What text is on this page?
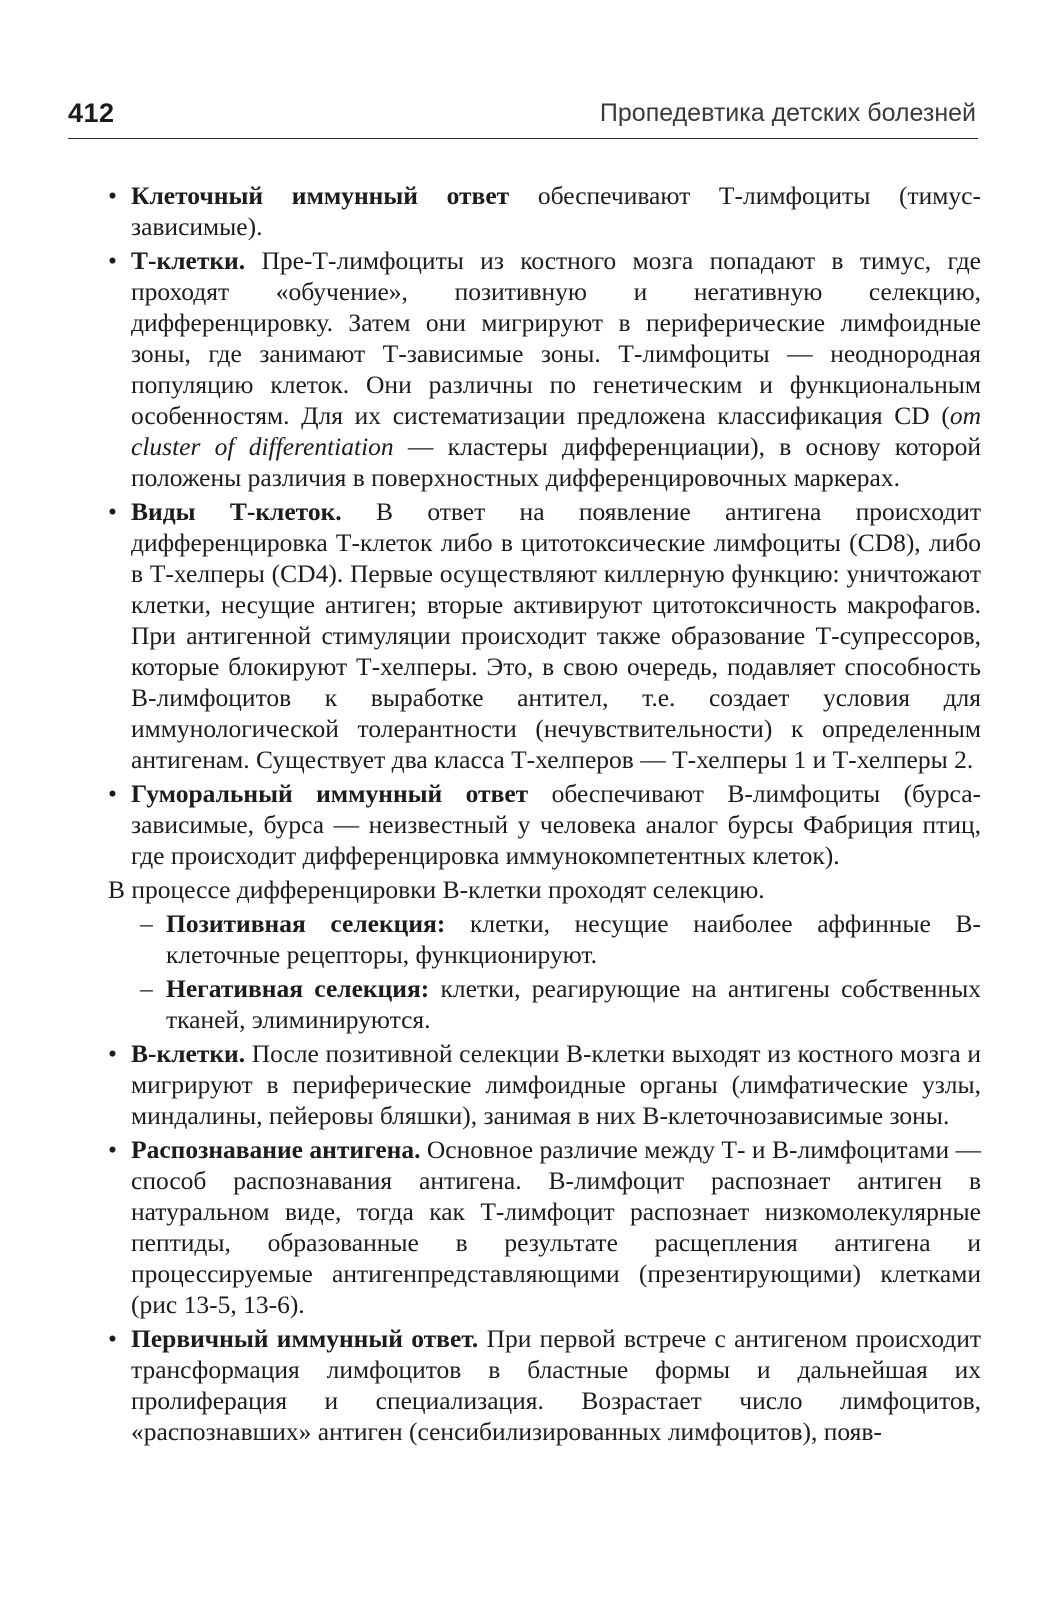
412	Пропедевтика детских болезней

• Клеточный иммунный ответ обеспечивают Т-лимфоциты (тимус-зависимые).

• Т-клетки. Пре-Т-лимфоциты из костного мозга попадают в тимус, где проходят «обучение», позитивную и негативную селекцию, дифференцировку. Затем они мигрируют в периферические лимфоидные зоны, где занимают Т-зависимые зоны. Т-лимфоциты — неоднородная популяцию клеток. Они различны по генетическим и функциональным особенностям. Для их систематизации предложена классификация CD (от cluster of differentiation — кластеры дифференциации), в основу которой положены различия в поверхностных дифференцировочных маркерах.

• Виды Т-клеток. В ответ на появление антигена происходит дифференцировка Т-клеток либо в цитотоксические лимфоциты (CD8), либо в Т-хелперы (CD4). Первые осуществляют киллерную функцию: уничтожают клетки, несущие антиген; вторые активируют цитотоксичность макрофагов. При антигенной стимуляции происходит также образование Т-супрессоров, которые блокируют Т-хелперы. Это, в свою очередь, подавляет способность В-лимфоцитов к выработке антител, т.е. создает условия для иммунологической толерантности (нечувствительности) к определенным антигенам. Существует два класса Т-хелперов — Т-хелперы 1 и Т-хелперы 2.

• Гуморальный иммунный ответ обеспечивают В-лимфоциты (бурса-зависимые, бурса — неизвестный у человека аналог бурсы Фабриция птиц, где происходит дифференцировка иммунокомпетентных клеток).

В процессе дифференцировки В-клетки проходят селекцию.

– Позитивная селекция: клетки, несущие наиболее аффинные В-клеточные рецепторы, функционируют.

– Негативная селекция: клетки, реагирующие на антигены собственных тканей, элиминируются.

• В-клетки. После позитивной селекции В-клетки выходят из костного мозга и мигрируют в периферические лимфоидные органы (лимфатические узлы, миндалины, пейеровы бляшки), занимая в них В-клеточнозависимые зоны.

• Распознавание антигена. Основное различие между Т- и В-лимфоцитами — способ распознавания антигена. В-лимфоцит распознает антиген в натуральном виде, тогда как Т-лимфоцит распознает низкомолекулярные пептиды, образованные в результате расщепления антигена и процессируемые антигенпредставляющими (презентирующими) клетками (рис 13-5, 13-6).

• Первичный иммунный ответ. При первой встрече с антигеном происходит трансформация лимфоцитов в бластные формы и дальнейшая их пролиферация и специализация. Возрастает число лимфоцитов, «распознавших» антиген (сенсибилизированных лимфоцитов), появ-
